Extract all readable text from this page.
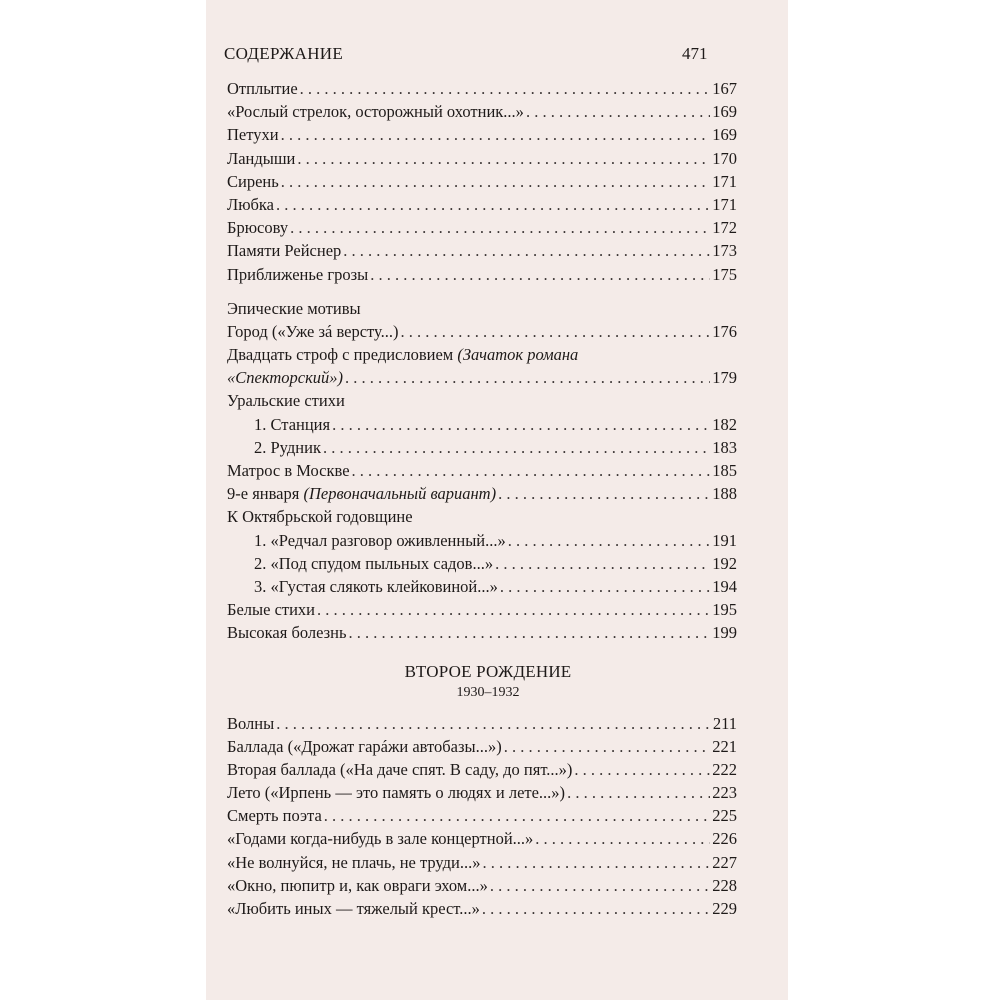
СОДЕРЖАНИЕ	471
Отплытие . . .	167
«Рослый стрелок, осторожный охотник...» . . .	169
Петухи . . .	169
Ландыши . . .	170
Сирень . . .	171
Любка . . .	171
Брюсову . . .	172
Памяти Рейснер . . .	173
Приближенье грозы . . .	175
Эпические мотивы
Город («Уже зá версту...) . . .	176
Двадцать строф с предисловием (Зачаток романа
«Спекторский») . . .	179
Уральские стихи
1. Станция . . .	182
2. Рудник . . .	183
Матрос в Москве . . .	185
9-е января (Первоначальный вариант) . . .	188
К Октябрьской годовщине
1. «Редчал разговор оживленный...» . . .	191
2. «Под спудом пыльных садов...» . . .	192
3. «Густая слякоть клейковиной...» . . .	194
Белые стихи . . .	195
Высокая болезнь . . .	199
ВТОРОЕ РОЖДЕНИЕ
1930–1932
Волны . . .	211
Баллада («Дрожат гарáжи автобазы...») . . .	221
Вторая баллада («На даче спят. В саду, до пят...») . . .	222
Лето («Ирпень — это память о людях и лете...») . . .	223
Смерть поэта . . .	225
«Годами когда-нибудь в зале концертной...» . . .	226
«Не волнуйся, не плачь, не труди...» . . .	227
«Окно, пюпитр и, как овраги эхом...» . . .	228
«Любить иных — тяжелый крест...» . . .	229
